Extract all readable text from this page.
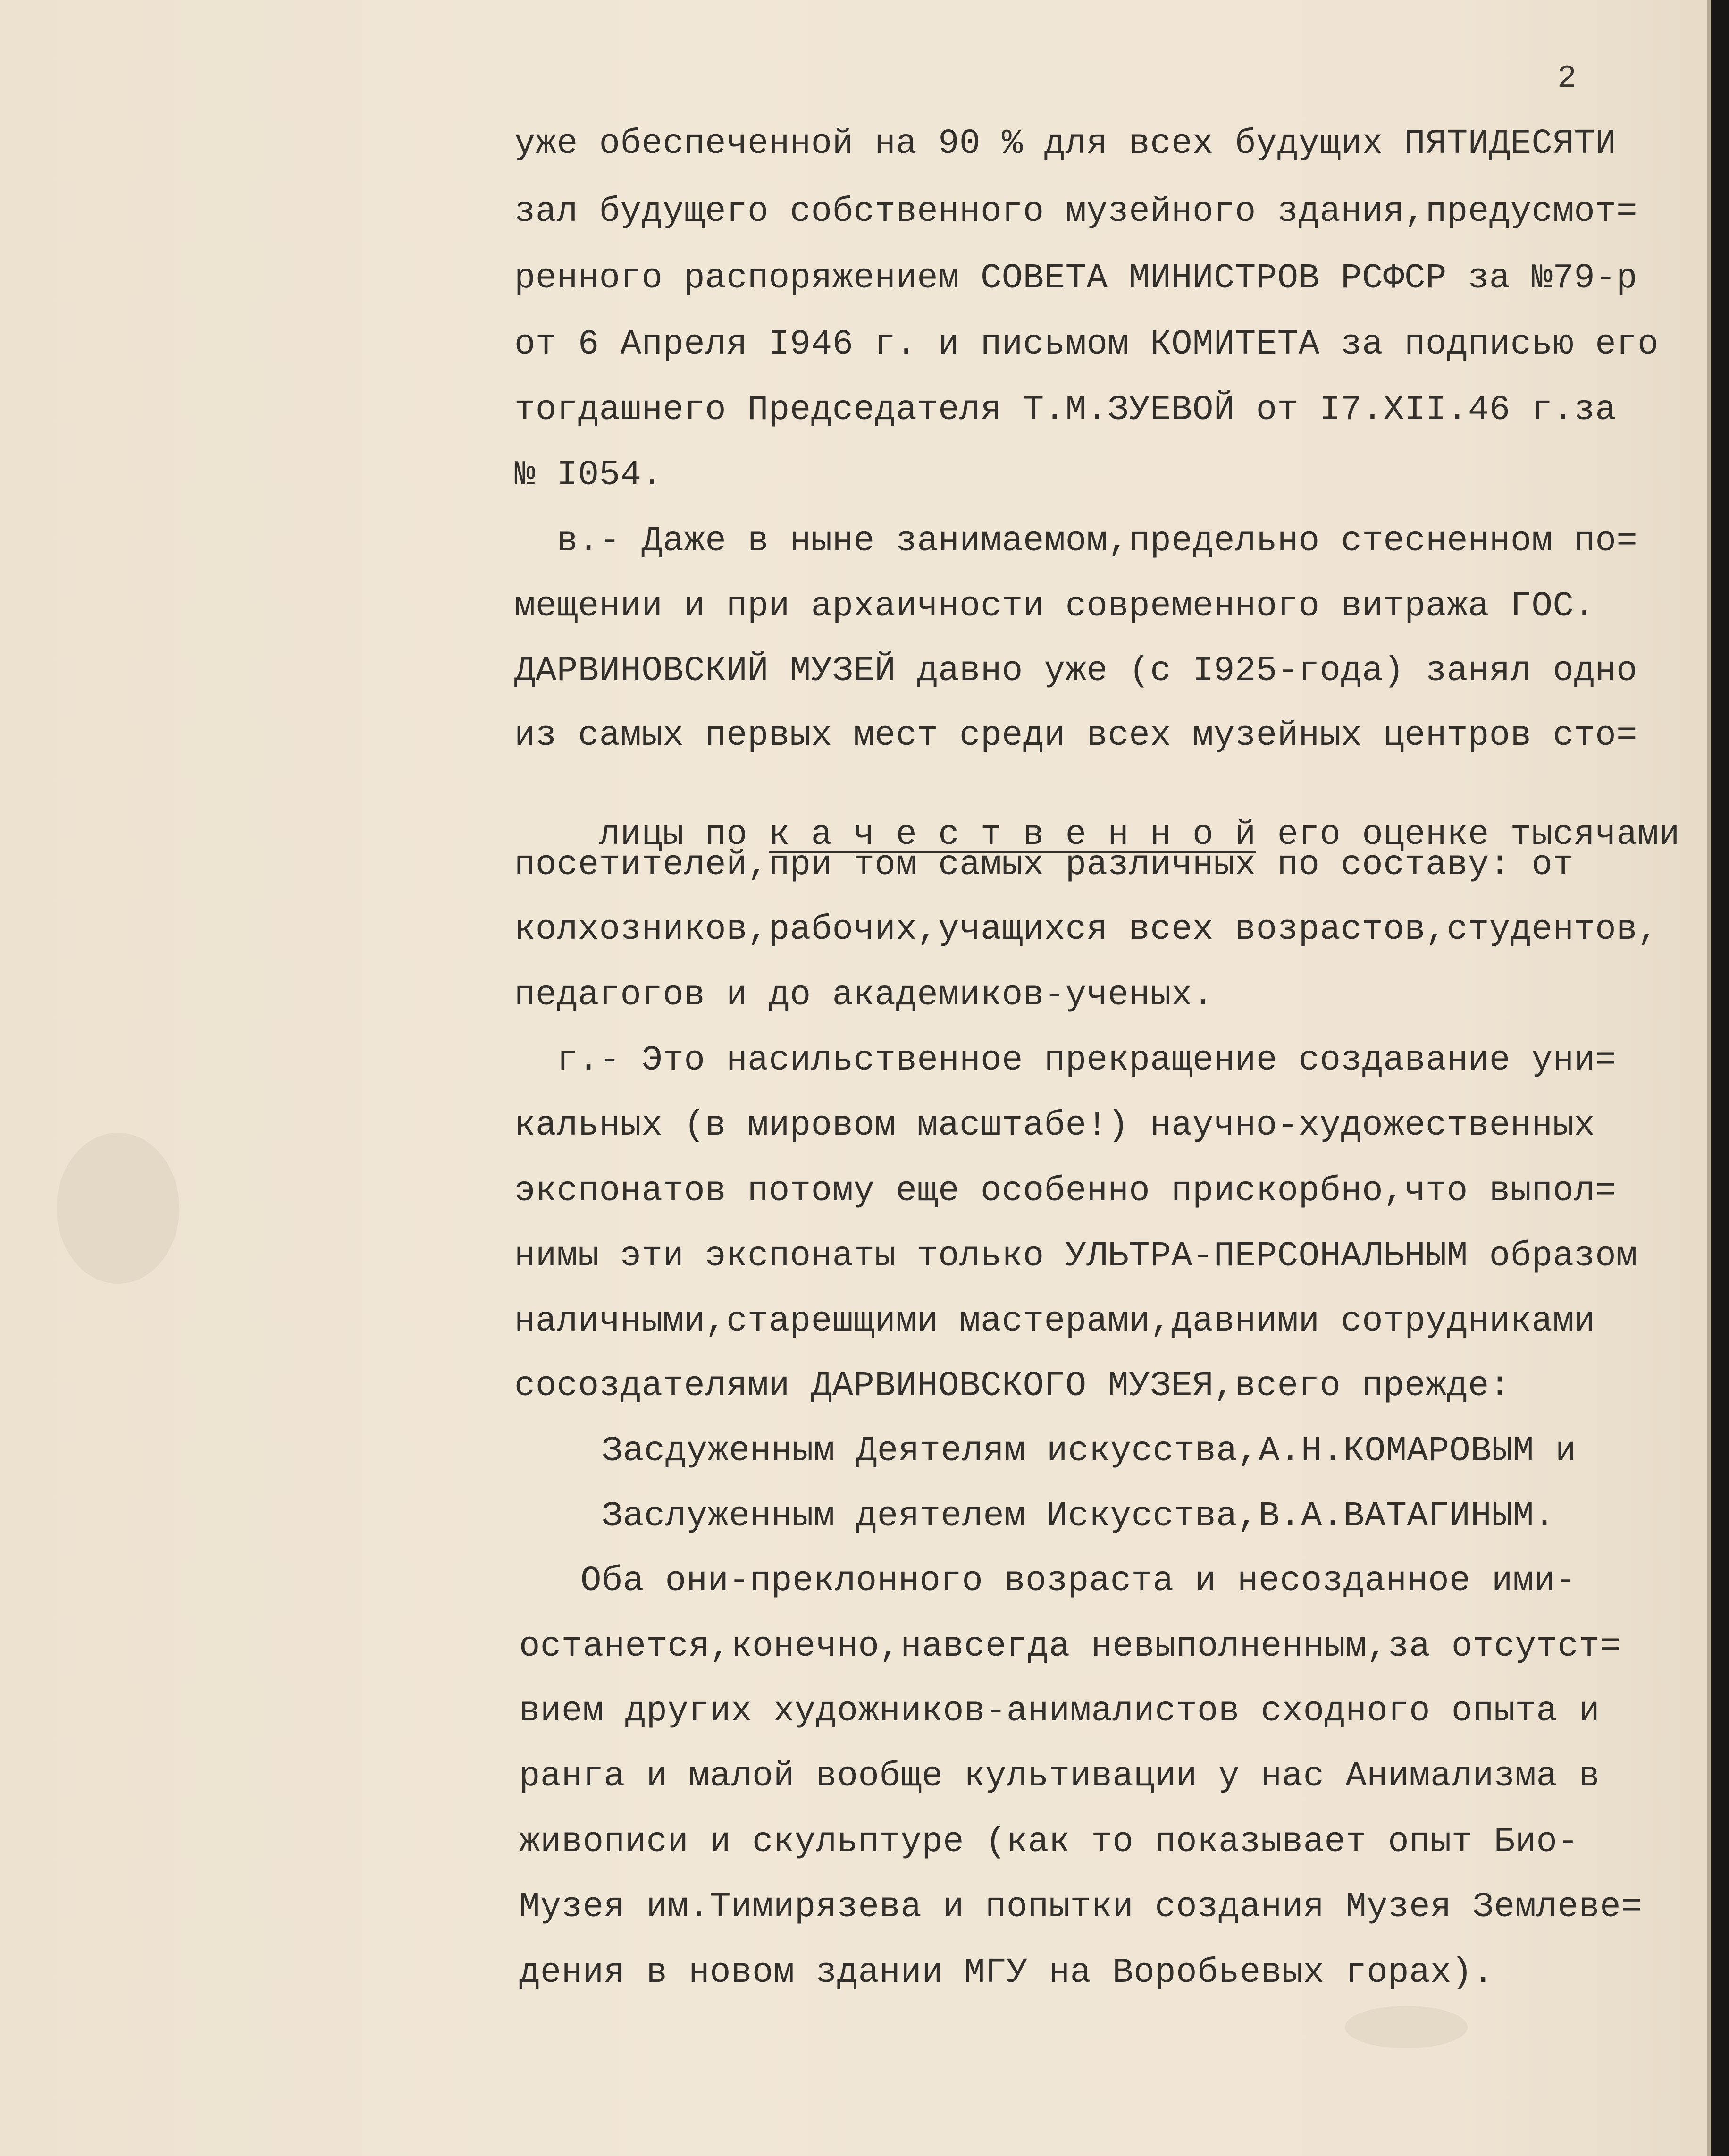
2
уже обеспеченной на 90 % для всех будущих ПЯТИДЕСЯТИ
зал будущего собственного музейного здания,предусмот=
ренного распоряжением СОВЕТА МИНИСТРОВ РСФСР за №79-р
от 6 Апреля I946 г. и письмом КОМИТЕТА за подписью его
тогдашнего Председателя Т.М.ЗУЕВОЙ от I7.XII.46 г.за
№ I054.
в.- Даже в ныне занимаемом,предельно стесненном по=
мещении и при архаичности современного витража ГОС.
ДАРВИНОВСКИЙ МУЗЕЙ давно уже (с I925-года) занял одно
из самых первых мест среди всех музейных центров сто=

лицы по к а ч е с т в е н н о й его оценке тысячами

посетителей,при том самых различных по составу: от
колхозников,рабочих,учащихся всех возрастов,студентов,
педагогов и до академиков-ученых.
г.- Это насильственное прекращение создавание уни=
кальных (в мировом масштабе!) научно-художественных
экспонатов потому еще особенно прискорбно,что выпол=
нимы эти экспонаты только УЛЬТРА-ПЕРСОНАЛЬНЫМ образом
наличными,старешщими мастерами,давними сотрудниками
сосоздателями ДАРВИНОВСКОГО МУЗЕЯ,всего прежде:
Засдуженным Деятелям искусства,А.Н.КОМАРОВЫМ и
Заслуженным деятелем Искусства,В.А.ВАТАГИНЫМ.
Оба они-преклонного возраста и несозданное ими-
останется,конечно,навсегда невыполненным,за отсутст=
вием других художников-анималистов сходного опыта и
ранга и малой вообще культивации у нас Анимализма в
живописи и скульптуре (как то показывает опыт Био-
Музея им.Тимирязева и попытки создания Музея Землеве=
дения в новом здании МГУ на Воробьевых горах).
